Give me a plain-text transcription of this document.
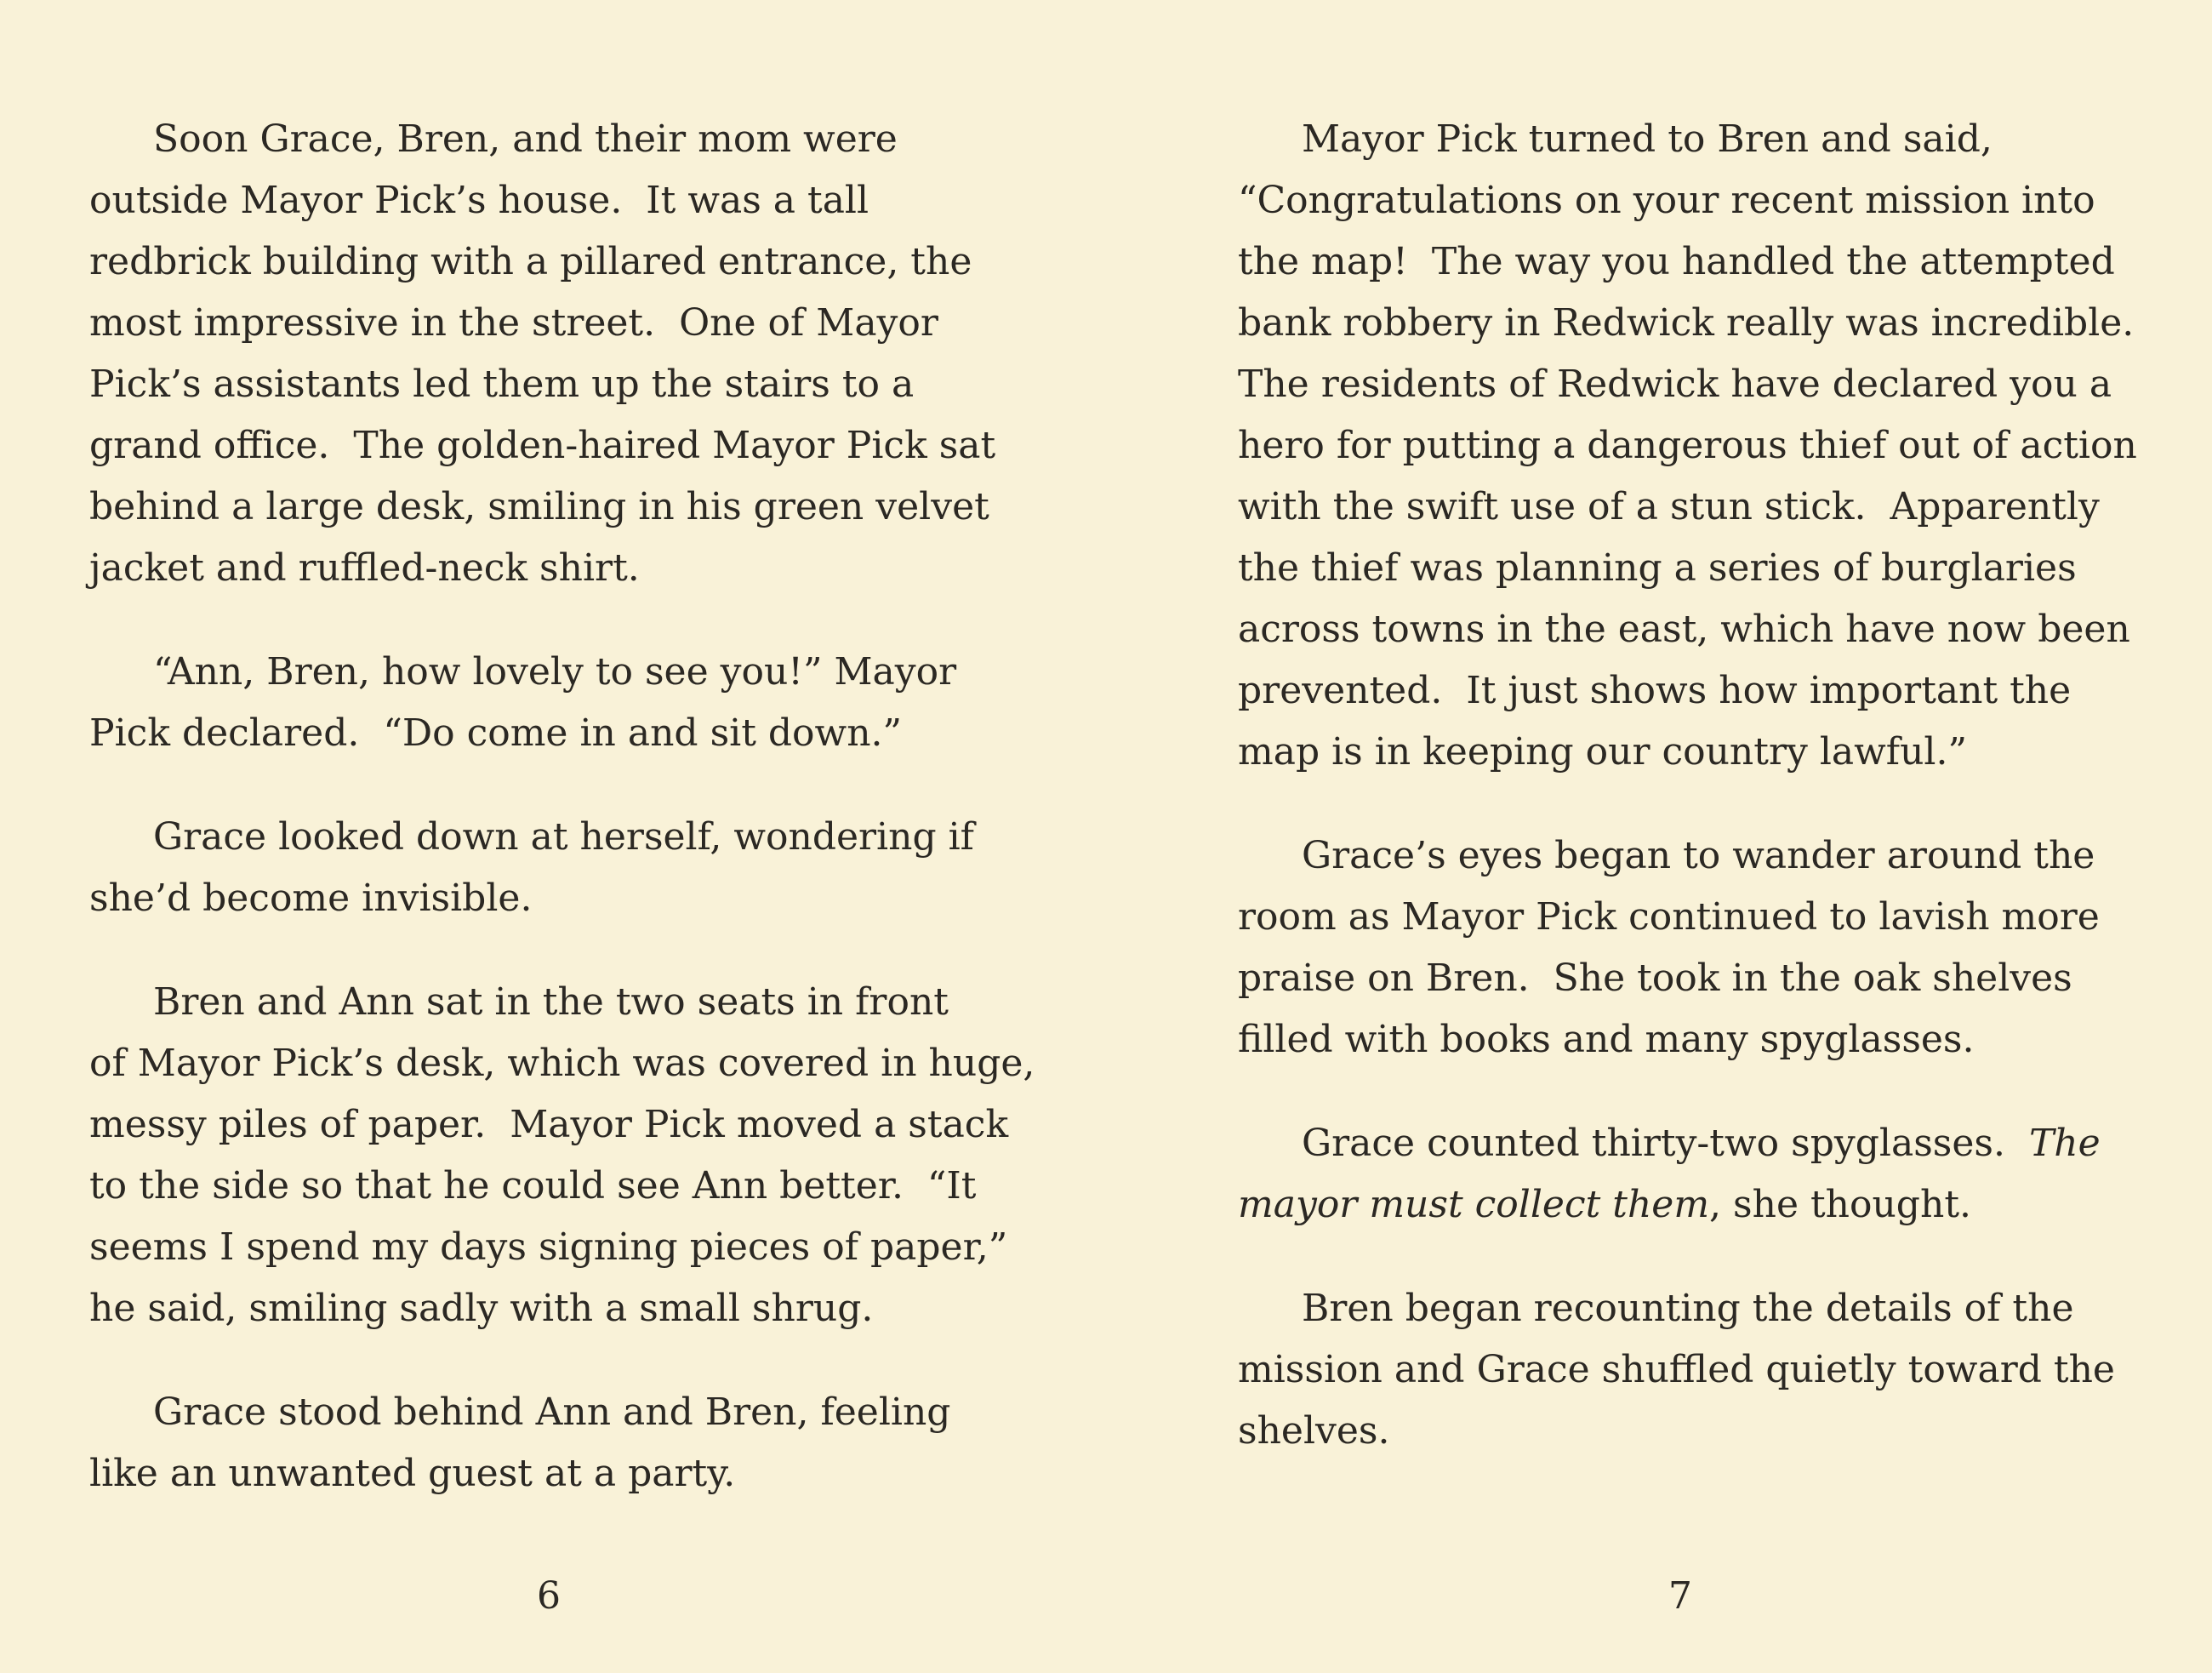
Soon Grace, Bren, and their mom were
outside Mayor Pick’s house.  It was a tall
redbrick building with a pillared entrance, the
most impressive in the street.  One of Mayor
Pick’s assistants led them up the stairs to a
grand office.  The golden-haired Mayor Pick sat
behind a large desk, smiling in his green velvet
jacket and ruffled-neck shirt.
“Ann, Bren, how lovely to see you!” Mayor
Pick declared.  “Do come in and sit down.”
Grace looked down at herself, wondering if
she’d become invisible.
Bren and Ann sat in the two seats in front
of Mayor Pick’s desk, which was covered in huge,
messy piles of paper.  Mayor Pick moved a stack
to the side so that he could see Ann better.  “It
seems I spend my days signing pieces of paper,”
he said, smiling sadly with a small shrug.
Grace stood behind Ann and Bren, feeling
like an unwanted guest at a party.
6
Mayor Pick turned to Bren and said,
“Congratulations on your recent mission into
the map!  The way you handled the attempted
bank robbery in Redwick really was incredible.
The residents of Redwick have declared you a
hero for putting a dangerous thief out of action
with the swift use of a stun stick.  Apparently
the thief was planning a series of burglaries
across towns in the east, which have now been
prevented.  It just shows how important the
map is in keeping our country lawful.”
Grace’s eyes began to wander around the
room as Mayor Pick continued to lavish more
praise on Bren.  She took in the oak shelves
filled with books and many spyglasses.
Grace counted thirty-two spyglasses.  The
mayor must collect them, she thought.
Bren began recounting the details of the
mission and Grace shuffled quietly toward the
shelves.
7
